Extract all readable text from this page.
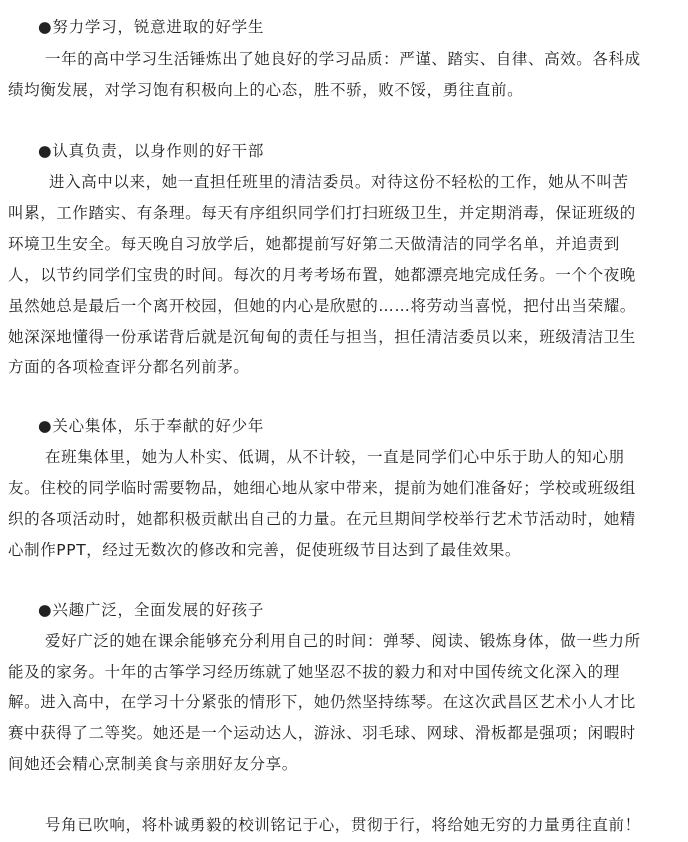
●努力学习，锐意进取的好学生
一年的高中学习生活锤炼出了她良好的学习品质：严谨、踏实、自律、高效。各科成
绩均衡发展，对学习饱有积极向上的心态，胜不骄，败不馁，勇往直前。
●认真负责，以身作则的好干部
进入高中以来，她一直担任班里的清洁委员。对待这份不轻松的工作，她从不叫苦
叫累，工作踏实、有条理。每天有序组织同学们打扫班级卫生，并定期消毒，保证班级的
环境卫生安全。每天晚自习放学后，她都提前写好第二天做清洁的同学名单，并追责到
人，以节约同学们宝贵的时间。每次的月考考场布置，她都漂亮地完成任务。一个个夜晚
虽然她总是最后一个离开校园，但她的内心是欣慰的……将劳动当喜悦，把付出当荣耀。
她深深地懂得一份承诺背后就是沉甸甸的责任与担当，担任清洁委员以来，班级清洁卫生
方面的各项检查评分都名列前茅。
●关心集体，乐于奉献的好少年
在班集体里，她为人朴实、低调，从不计较，一直是同学们心中乐于助人的知心朋
友。住校的同学临时需要物品，她细心地从家中带来，提前为她们准备好；学校或班级组
织的各项活动时，她都积极贡献出自己的力量。在元旦期间学校举行艺术节活动时，她精
心制作PPT，经过无数次的修改和完善，促使班级节目达到了最佳效果。
●兴趣广泛，全面发展的好孩子
爱好广泛的她在课余能够充分利用自己的时间：弹琴、阅读、锻炼身体，做一些力所
能及的家务。十年的古筝学习经历练就了她坚忍不拔的毅力和对中国传统文化深入的理
解。进入高中，在学习十分紧张的情形下，她仍然坚持练琴。在这次武昌区艺术小人才比
赛中获得了二等奖。她还是一个运动达人，游泳、羽毛球、网球、滑板都是强项；闲暇时
间她还会精心烹制美食与亲朋好友分享。
号角已吹响，将朴诚勇毅的校训铭记于心，贯彻于行，将给她无穷的力量勇往直前！
